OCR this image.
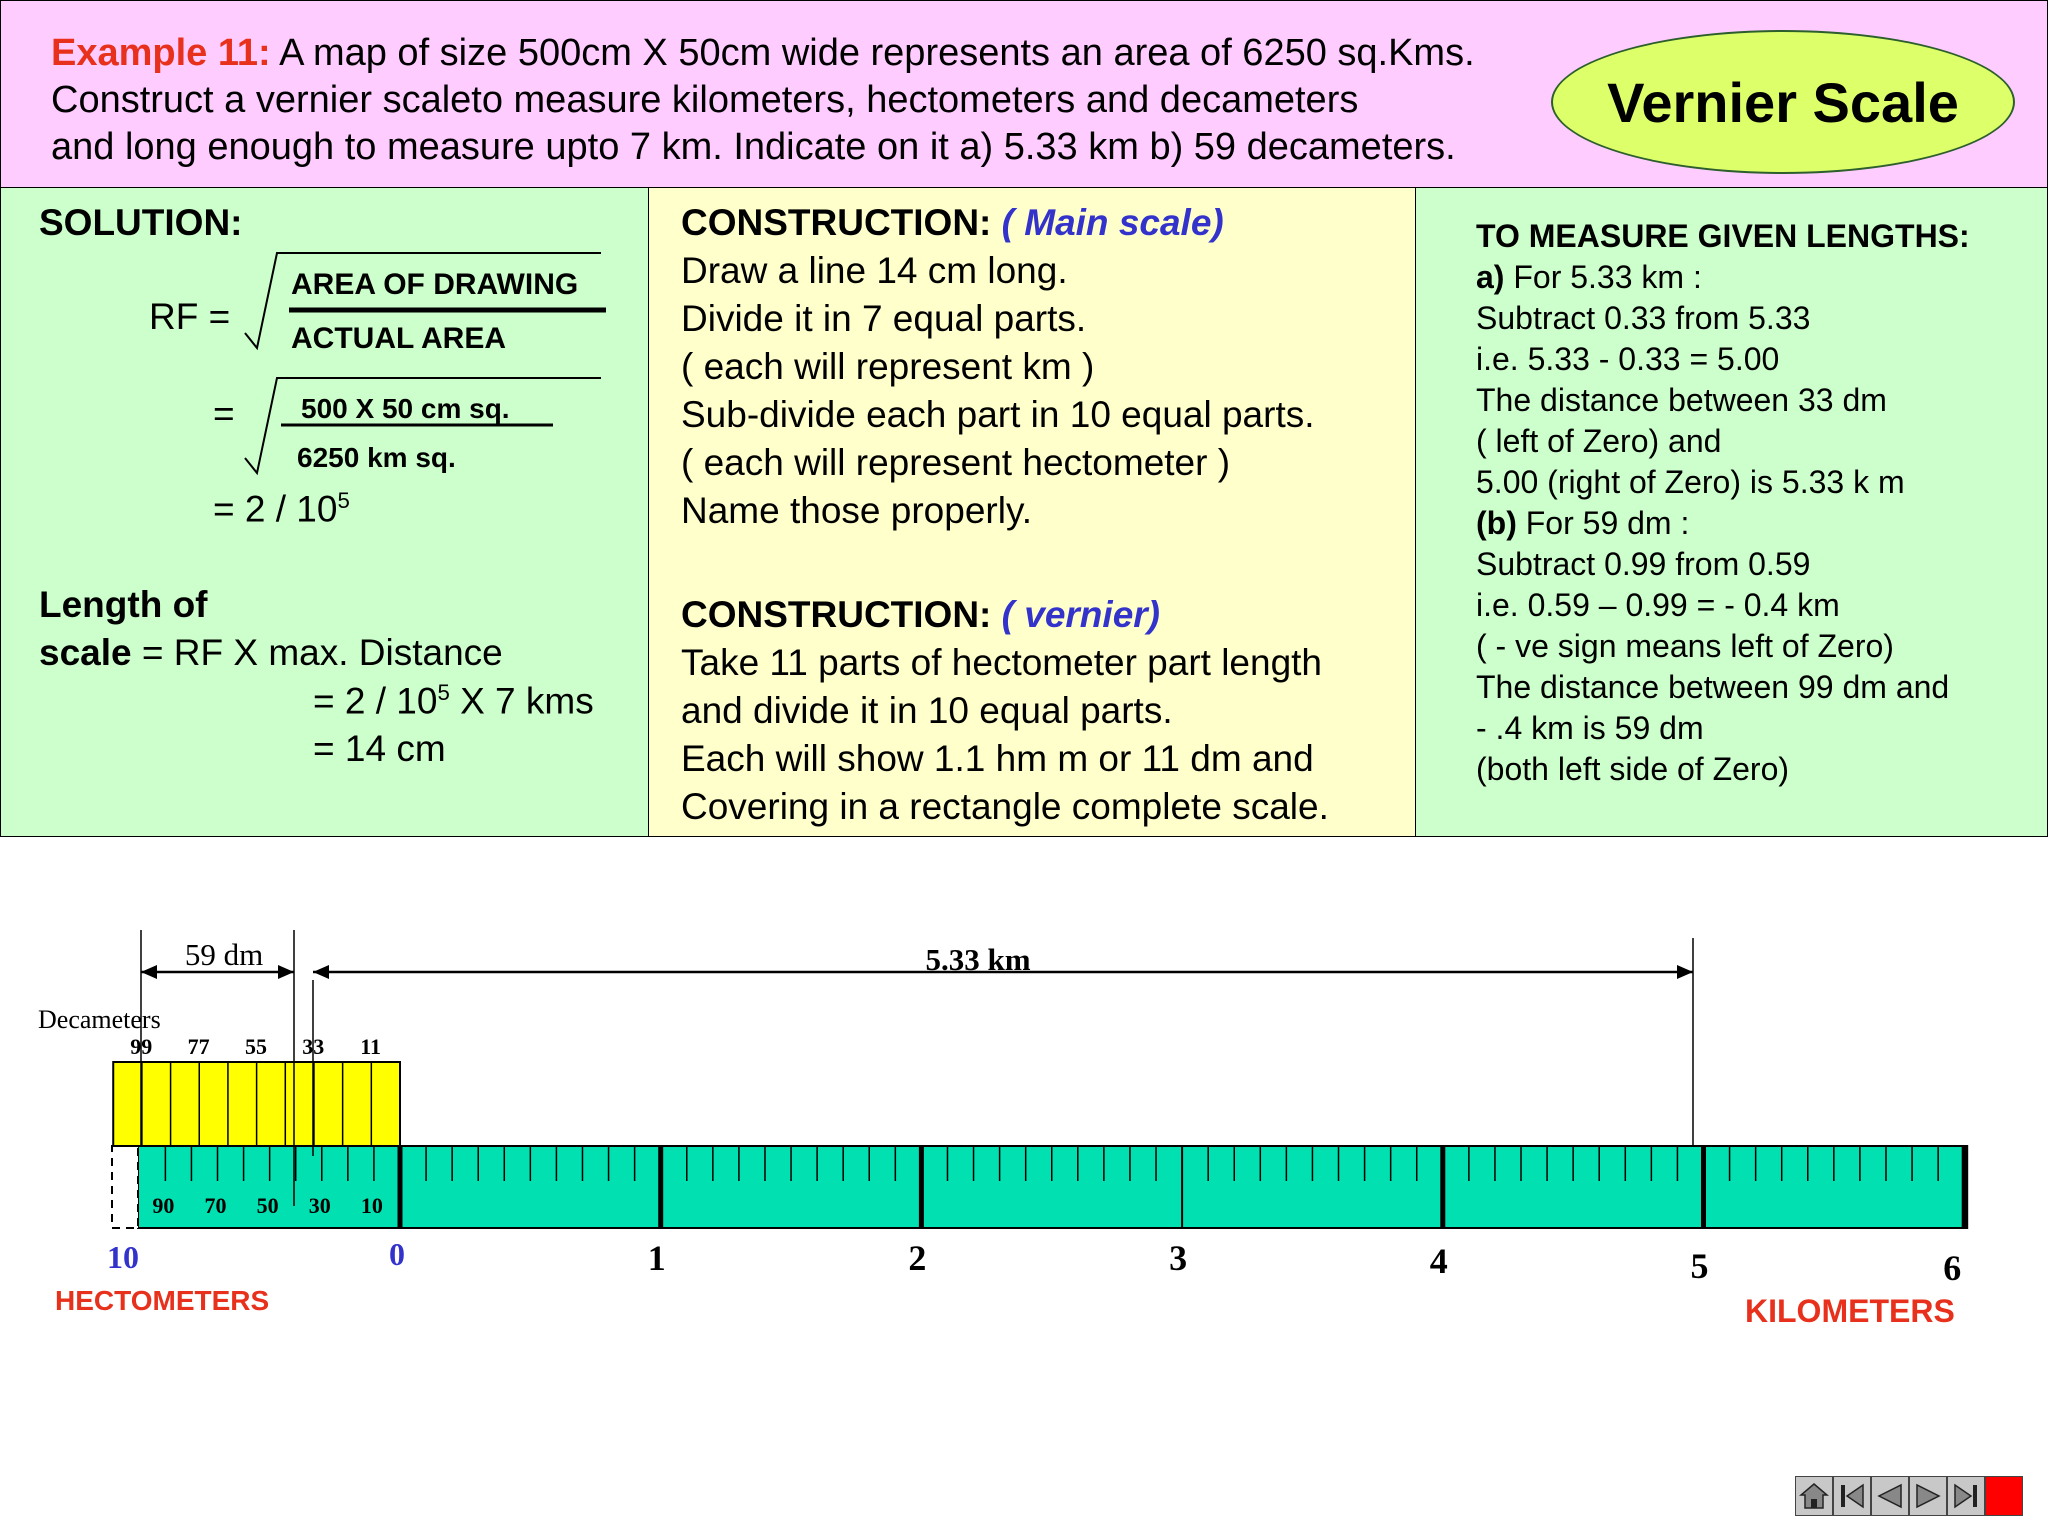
Example 11: A map of size 500cm X 50cm wide represents an area of 6250 sq.Kms.
Construct a vernier scaleto measure kilometers, hectometers and decameters
and long enough to measure upto 7 km. Indicate on it a) 5.33 km b) 59 decameters.
Vernier Scale
SOLUTION:
RF =
AREA OF DRAWING
ACTUAL AREA
= 500 X 50 cm sq.
6250 km sq.
= $2 / 10^5$
Length of
scale = RF X max. Distance
= $2 / 10^5$ X 7 kms
= 14 cm
CONSTRUCTION: ( Main scale)
Draw a line 14 cm long.
Divide it in 7 equal parts.
( each will represent km )
Sub-divide each part in 10 equal parts.
( each will represent hectometer )
Name those properly.
CONSTRUCTION: ( vernier)
Take 11 parts of hectometer part length
and divide it in 10 equal parts.
Each will show 1.1 hm m or 11 dm and
Covering in a rectangle complete scale.
TO MEASURE GIVEN LENGTHS:
a) For 5.33 km :
Subtract 0.33 from 5.33
i.e. 5.33 - 0.33 = 5.00
The distance between 33 dm
( left of Zero) and
5.00 (right of Zero) is 5.33 k m
(b) For 59 dm :
Subtract 0.99 from 0.59
i.e. 0.59 – 0.99 = - 0.4 km
( - ve sign means left of Zero)
The distance between 99 dm and
- .4 km is 59 dm
(both left side of Zero)
59 dm	5.33 km
Decameters
HECTOMETERS	KILOMETERS
99 77 55 33 11
90 70 50 30 10
10	0	1	2	3	4	5	6
